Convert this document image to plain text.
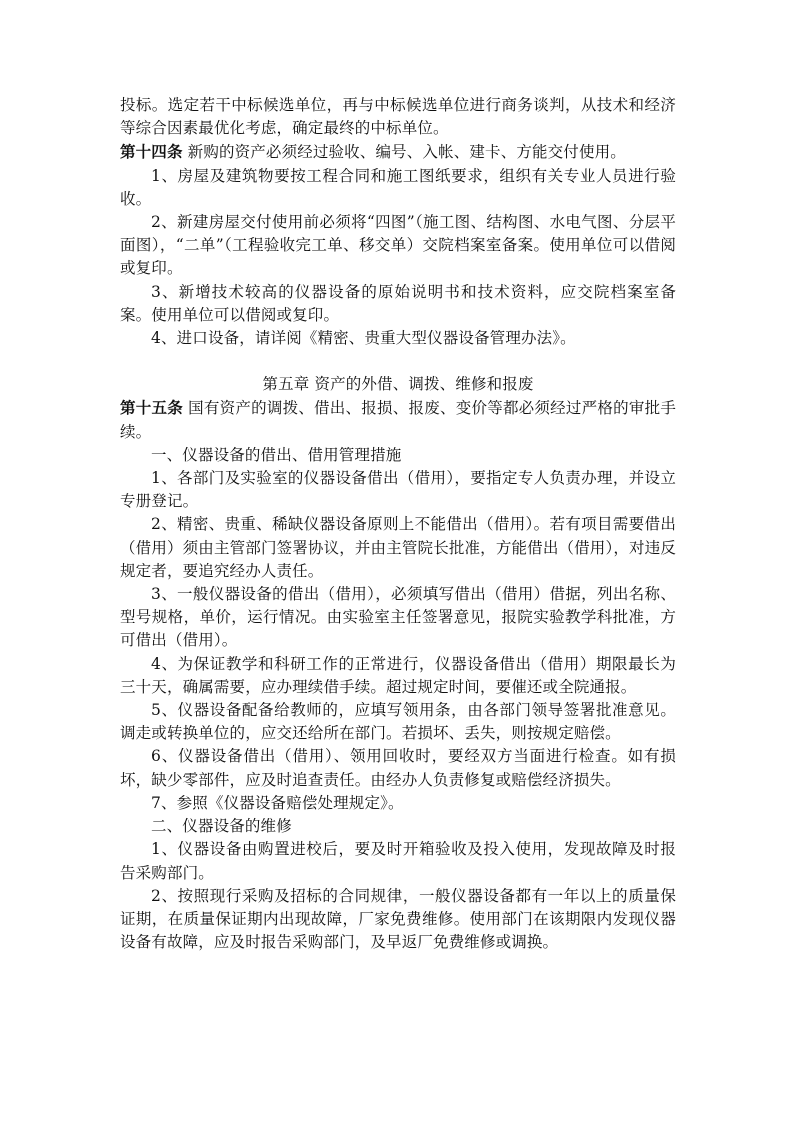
投标。选定若干中标候选单位，再与中标候选单位进行商务谈判，从技术和经济等综合因素最优化考虑，确定最终的中标单位。

第十四条 新购的资产必须经过验收、编号、入帐、建卡、方能交付使用。

1、房屋及建筑物要按工程合同和施工图纸要求，组织有关专业人员进行验收。

2、新建房屋交付使用前必须将“四图”（施工图、结构图、水电气图、分层平面图），“二单”（工程验收完工单、移交单）交院档案室备案。使用单位可以借阅或复印。

3、新增技术较高的仪器设备的原始说明书和技术资料，应交院档案室备案。使用单位可以借阅或复印。

4、进口设备，请详阅《精密、贵重大型仪器设备管理办法》。

第五章 资产的外借、调拨、维修和报废

第十五条 国有资产的调拨、借出、报损、报废、变价等都必须经过严格的审批手续。

一、仪器设备的借出、借用管理措施

1、各部门及实验室的仪器设备借出（借用），要指定专人负责办理，并设立专册登记。

2、精密、贵重、稀缺仪器设备原则上不能借出（借用）。若有项目需要借出（借用）须由主管部门签署协议，并由主管院长批准，方能借出（借用），对违反规定者，要追究经办人责任。

3、一般仪器设备的借出（借用），必须填写借出（借用）借据，列出名称、型号规格，单价，运行情况。由实验室主任签署意见，报院实验教学科批准，方可借出（借用）。

4、为保证教学和科研工作的正常进行，仪器设备借出（借用）期限最长为三十天，确属需要，应办理续借手续。超过规定时间，要催还或全院通报。

5、仪器设备配备给教师的，应填写领用条，由各部门领导签署批准意见。调走或转换单位的，应交还给所在部门。若损坏、丢失，则按规定赔偿。

6、仪器设备借出（借用）、领用回收时，要经双方当面进行检查。如有损坏，缺少零部件，应及时追查责任。由经办人负责修复或赔偿经济损失。

7、参照《仪器设备赔偿处理规定》。

二、仪器设备的维修

1、仪器设备由购置进校后，要及时开箱验收及投入使用，发现故障及时报告采购部门。

2、按照现行采购及招标的合同规律，一般仪器设备都有一年以上的质量保证期，在质量保证期内出现故障，厂家免费维修。使用部门在该期限内发现仪器设备有故障，应及时报告采购部门，及早返厂免费维修或调换。
